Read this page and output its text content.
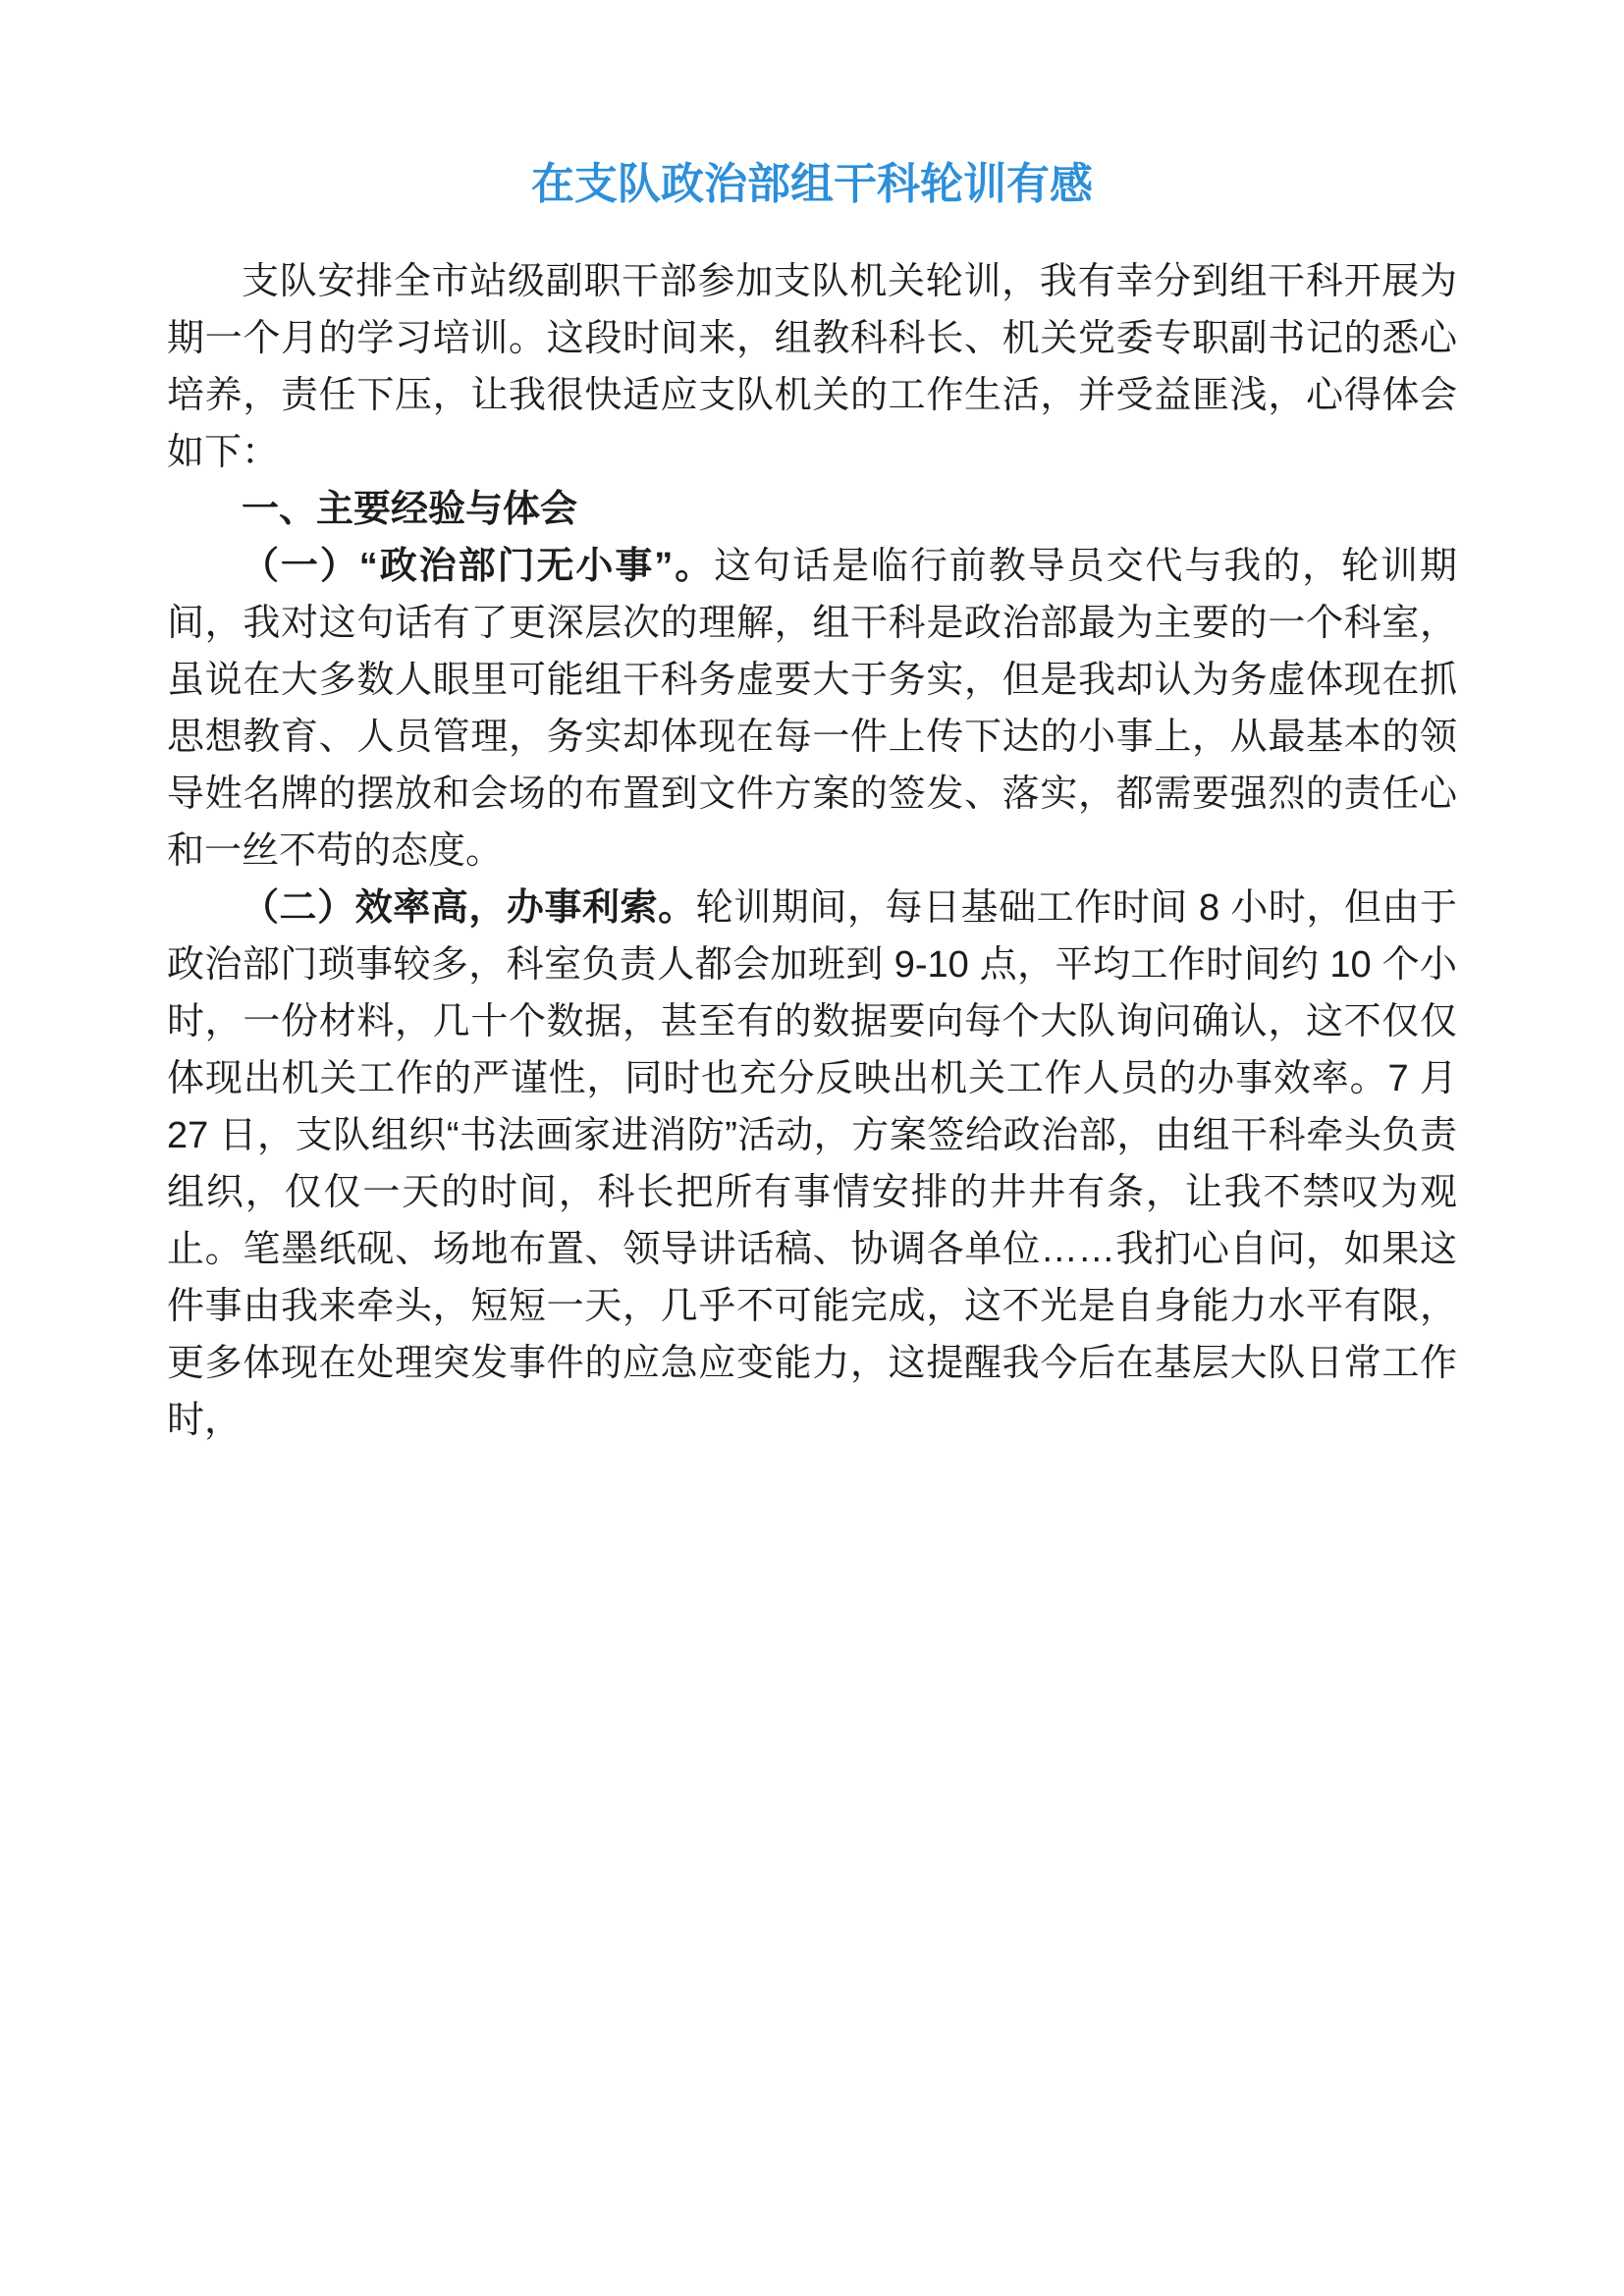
在支队政治部组干科轮训有感

支队安排全市站级副职干部参加支队机关轮训，我有幸分到组干科开展为期一个月的学习培训。这段时间来，组教科科长、机关党委专职副书记的悉心培养，责任下压，让我很快适应支队机关的工作生活，并受益匪浅，心得体会如下：

一、主要经验与体会

（一）“政治部门无小事”。这句话是临行前教导员交代与我的，轮训期间，我对这句话有了更深层次的理解，组干科是政治部最为主要的一个科室，虽说在大多数人眼里可能组干科务虚要大于务实，但是我却认为务虚体现在抓思想教育、人员管理，务实却体现在每一件上传下达的小事上，从最基本的领导姓名牌的摆放和会场的布置到文件方案的签发、落实，都需要强烈的责任心和一丝不苟的态度。

（二）效率高，办事利索。轮训期间，每日基础工作时间 8 小时，但由于政治部门琐事较多，科室负责人都会加班到 9-10 点，平均工作时间约 10 个小时，一份材料，几十个数据，甚至有的数据要向每个大队询问确认，这不仅仅体现出机关工作的严谨性，同时也充分反映出机关工作人员的办事效率。7 月 27 日，支队组织“书法画家进消防”活动，方案签给政治部，由组干科牵头负责组织，仅仅一天的时间，科长把所有事情安排的井井有条，让我不禁叹为观止。笔墨纸砚、场地布置、领导讲话稿、协调各单位……我扪心自问，如果这件事由我来牵头，短短一天，几乎不可能完成，这不光是自身能力水平有限，更多体现在处理突发事件的应急应变能力，这提醒我今后在基层大队日常工作时，
